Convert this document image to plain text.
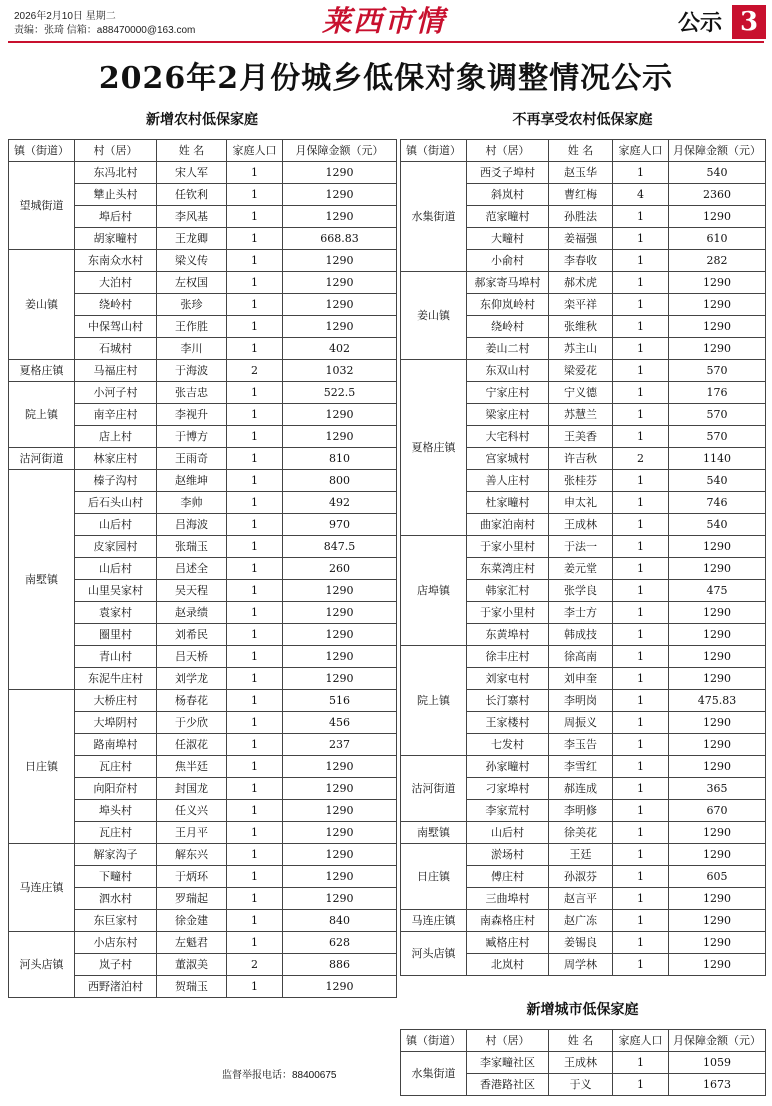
2026年2月10日 星期二
责编：张琦 信箱：a88470000@163.com	莱西市情	公示 3
2026年2月份城乡低保对象调整情况公示
新增农村低保家庭	不再享受农村低保家庭
新增城市低保家庭
镇（街道）	村（居）	姓 名	家庭人口	月保障金额（元）
望城街道	东冯北村	宋人军	1	1290
	犨止头村	任钦利	1	1290
	埠后村	李风基	1	1290
	胡家疃村	王龙卿	1	668.83
姜山镇	东南众水村	梁义传	1	1290
	大泊村	左权国	1	1290
	绕岭村	张珍	1	1290
	中保驾山村	王作胜	1	1290
	石城村	李川	1	402
夏格庄镇	马福庄村	于海波	2	1032
院上镇	小河子村	张吉忠	1	522.5
	南辛庄村	李视升	1	1290
	店上村	于博方	1	1290
沽河街道	林家庄村	王雨奇	1	810
南墅镇	榛子沟村	赵维坤	1	800
	后石头山村	李帅	1	492
	山后村	吕海波	1	970
	皮家园村	张瑞玉	1	847.5
	山后村	吕述全	1	260
	山里吴家村	吴天程	1	1290
	袁家村	赵录绩	1	1290
	圈里村	刘希民	1	1290
	青山村	吕天桥	1	1290
	东泥牛庄村	刘学龙	1	1290
日庄镇	大桥庄村	杨春花	1	516
	大埠阴村	于少欣	1	456
	路南埠村	任淑花	1	237
	瓦庄村	焦半廷	1	1290
	向阳夼村	封国龙	1	1290
	埠头村	任义兴	1	1290
	瓦庄村	王月平	1	1290
马连庄镇	解家沟子	解东兴	1	1290
	下疃村	于炳环	1	1290
	泗水村	罗瑞起	1	1290
	东巨家村	徐金建	1	840
河头店镇	小店东村	左魁君	1	628
	岚子村	董淑美	2	886
	西野渚泊村	贺瑞玉	1	1290
镇（街道）	村（居）	姓 名	家庭人口	月保障金额（元）
水集街道	西爻子埠村	赵玉华	1	540
	斜岚村	曹红梅	4	2360
	范家疃村	孙胜法	1	1290
	大疃村	姜福强	1	610
	小俞村	李春收	1	282
姜山镇	郝家寄马埠村	郝术虎	1	1290
	东仰岚岭村	栾平祥	1	1290
	绕岭村	张维秋	1	1290
	姜山二村	苏主山	1	1290
夏格庄镇	东双山村	梁爱花	1	570
	宁家庄村	宁义德	1	176
	梁家庄村	苏慧兰	1	570
	大宅科村	王美香	1	570
	宫家城村	许吉秋	2	1140
	善人庄村	张桂芬	1	540
	杜家疃村	申太礼	1	746
	曲家泊南村	王成林	1	540
店埠镇	于家小里村	于法一	1	1290
	东菜湾庄村	姜元堂	1	1290
	韩家汇村	张学良	1	475
	于家小里村	李士方	1	1290
	东黄埠村	韩成技	1	1290
院上镇	徐丰庄村	徐高南	1	1290
	刘家屯村	刘申奎	1	1290
	长汀寨村	李明岗	1	475.83
	王家楼村	周振义	1	1290
	七发村	李玉告	1	1290
沽河街道	孙家疃村	李雪红	1	1290
	刁家埠村	郝连成	1	365
	李家荒村	李明修	1	670
南墅镇	山后村	徐美花	1	1290
日庄镇	淤场村	王廷	1	1290
	傅庄村	孙淑芬	1	605
	三曲埠村	赵言平	1	1290
马连庄镇	南森格庄村	赵广冻	1	1290
河头店镇	臧格庄村	姜锡良	1	1290
	北岚村	周学林	1	1290
镇（街道）	村（居）	姓 名	家庭人口	月保障金额（元）
水集街道	李家疃社区	王成林	1	1059
	香港路社区	于义	1	1673
监督举报电话：88400675
